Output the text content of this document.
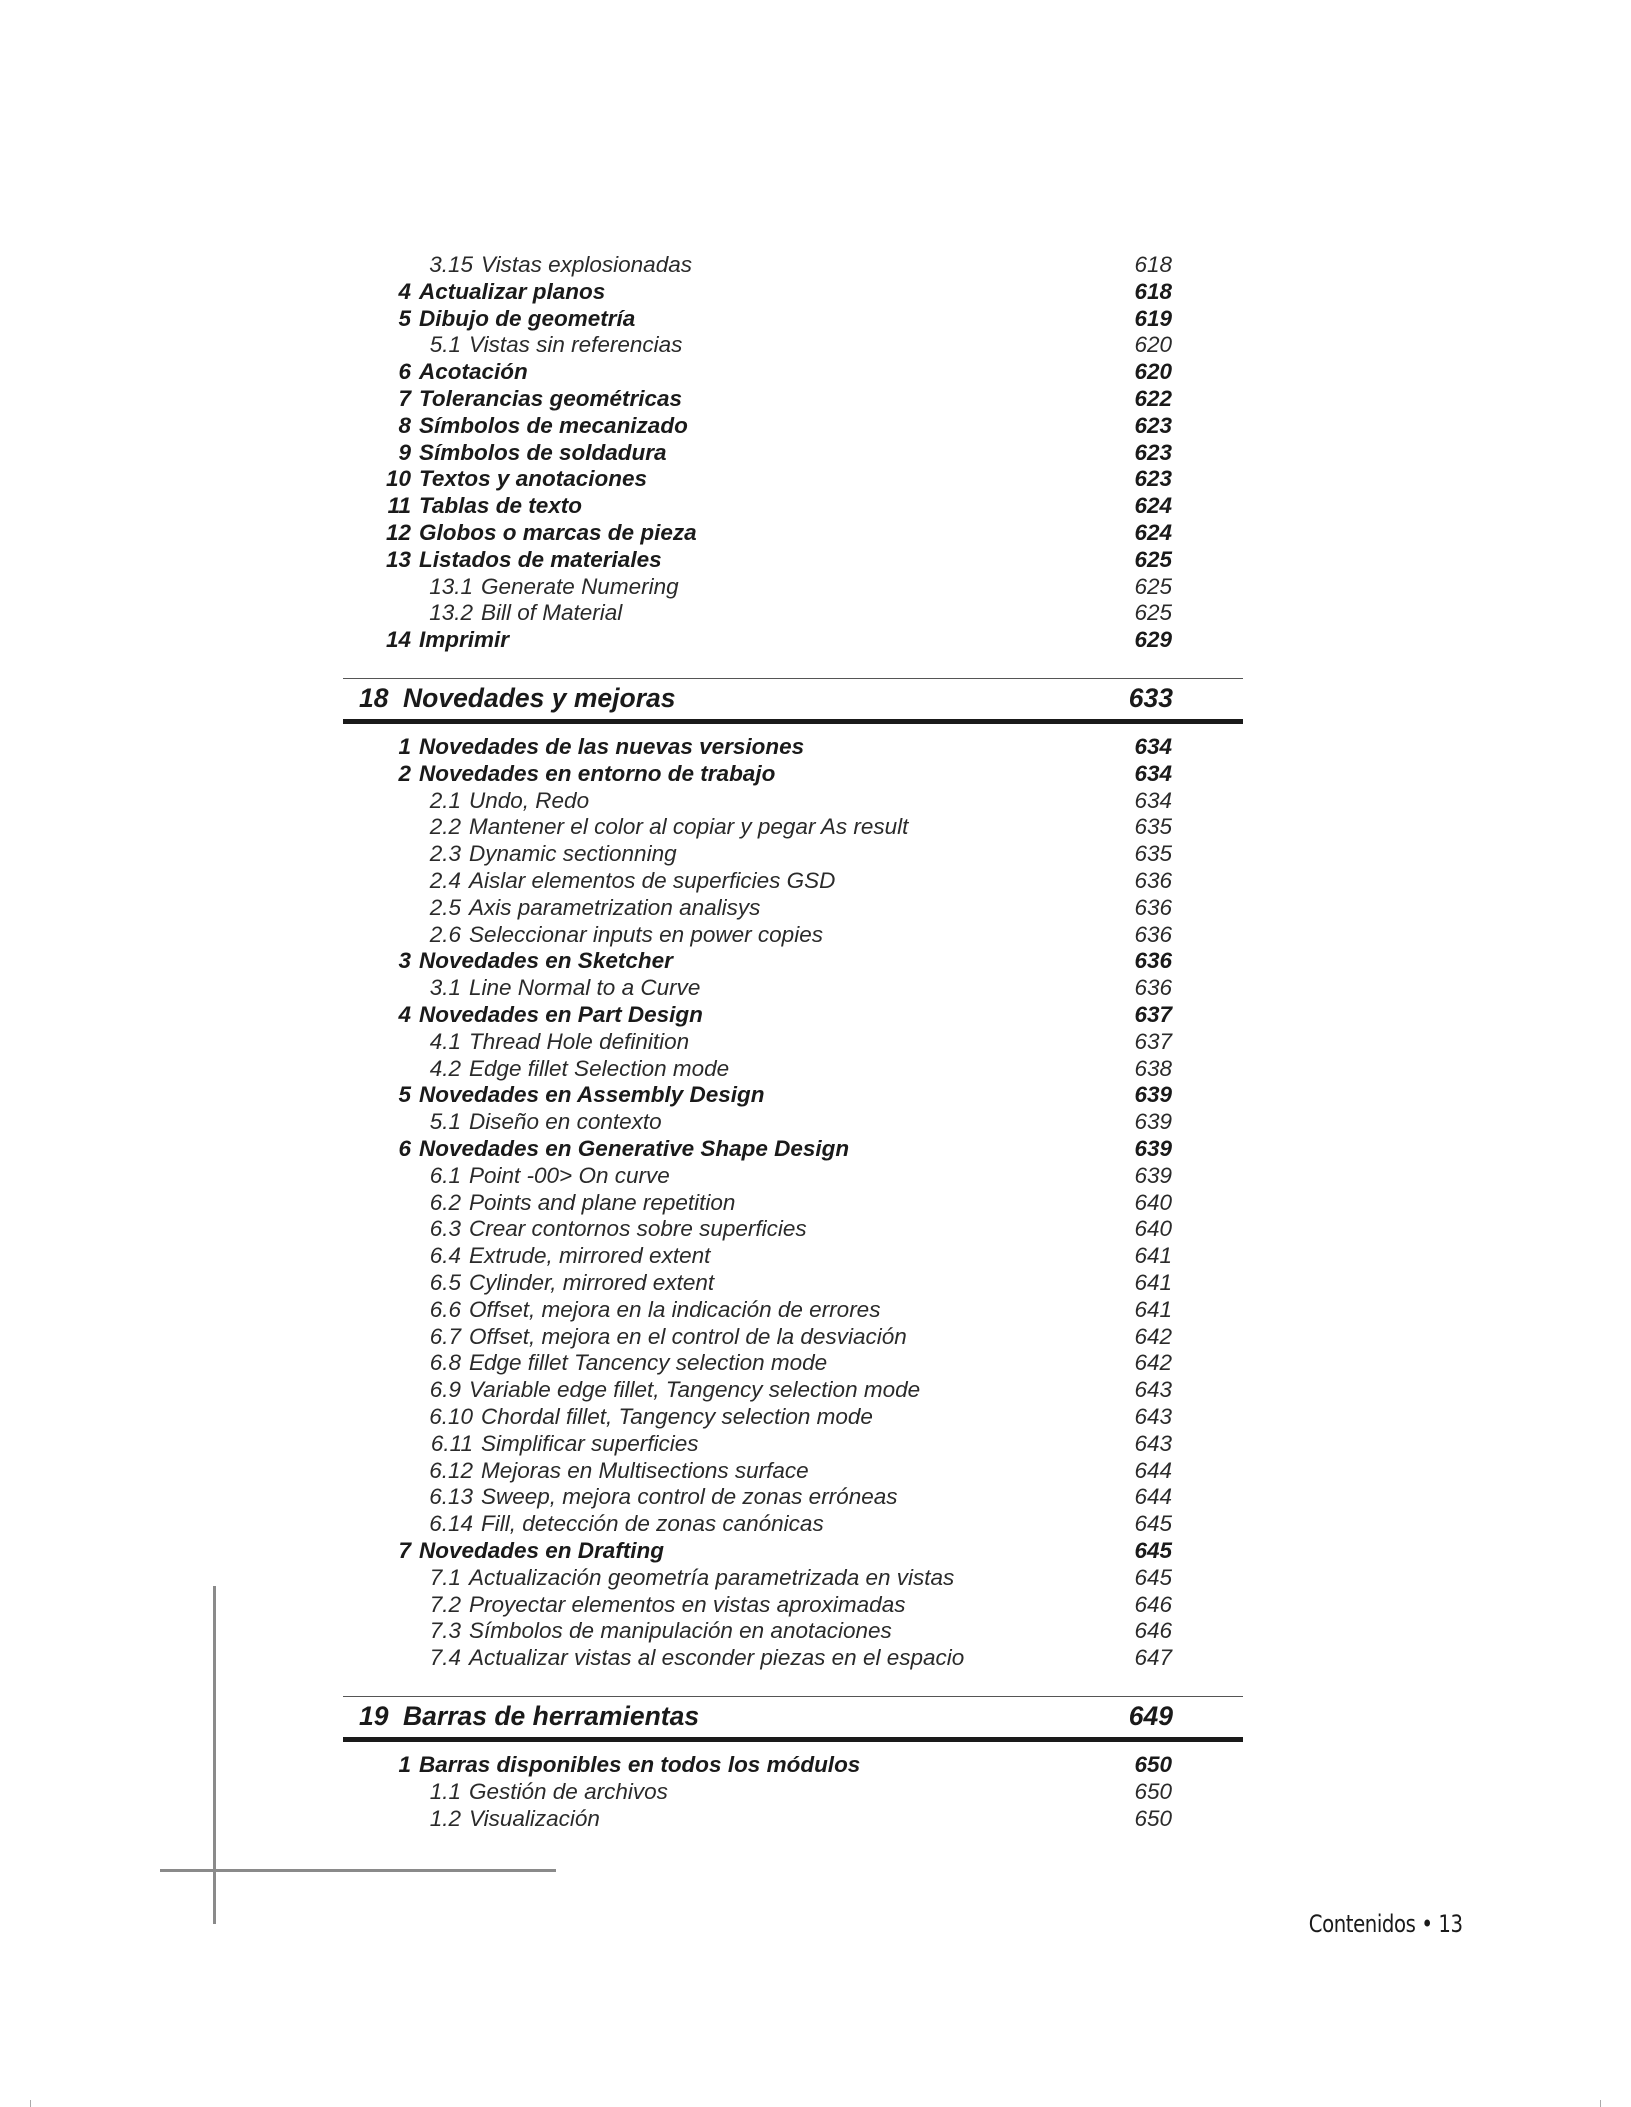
3.15 Vistas explosionadas	618
4 Actualizar planos	618
5 Dibujo de geometría	619
5.1 Vistas sin referencias	620
6 Acotación	620
7 Tolerancias geométricas	622
8 Símbolos de mecanizado	623
9 Símbolos de soldadura	623
10 Textos y anotaciones	623
11 Tablas de texto	624
12 Globos o marcas de pieza	624
13 Listados de materiales	625
13.1 Generate Numering	625
13.2 Bill of Material	625
14 Imprimir	629
18 Novedades y mejoras	633
1 Novedades de las nuevas versiones	634
2 Novedades en entorno de trabajo	634
2.1 Undo, Redo	634
2.2 Mantener el color al copiar y pegar As result	635
2.3 Dynamic sectionning	635
2.4 Aislar elementos de superficies GSD	636
2.5 Axis parametrization analisys	636
2.6 Seleccionar inputs en power copies	636
3 Novedades en Sketcher	636
3.1 Line Normal to a Curve	636
4 Novedades en Part Design	637
4.1 Thread Hole definition	637
4.2 Edge fillet Selection mode	638
5 Novedades en Assembly Design	639
5.1 Diseño en contexto	639
6 Novedades en Generative Shape Design	639
6.1 Point -00> On curve	639
6.2 Points and plane repetition	640
6.3 Crear contornos sobre superficies	640
6.4 Extrude, mirrored extent	641
6.5 Cylinder, mirrored extent	641
6.6 Offset, mejora en la indicación de errores	641
6.7 Offset, mejora en el control de la desviación	642
6.8 Edge fillet Tancency selection mode	642
6.9 Variable edge fillet, Tangency selection mode	643
6.10 Chordal fillet, Tangency selection mode	643
6.11 Simplificar superficies	643
6.12 Mejoras en Multisections surface	644
6.13 Sweep, mejora control de zonas erróneas	644
6.14 Fill, detección de zonas canónicas	645
7 Novedades en Drafting	645
7.1 Actualización geometría parametrizada en vistas	645
7.2 Proyectar elementos en vistas aproximadas	646
7.3 Símbolos de manipulación en anotaciones	646
7.4 Actualizar vistas al esconder piezas en el espacio	647
19 Barras de herramientas	649
1 Barras disponibles en todos los módulos	650
1.1 Gestión de archivos	650
1.2 Visualización	650
Contenidos • 13
